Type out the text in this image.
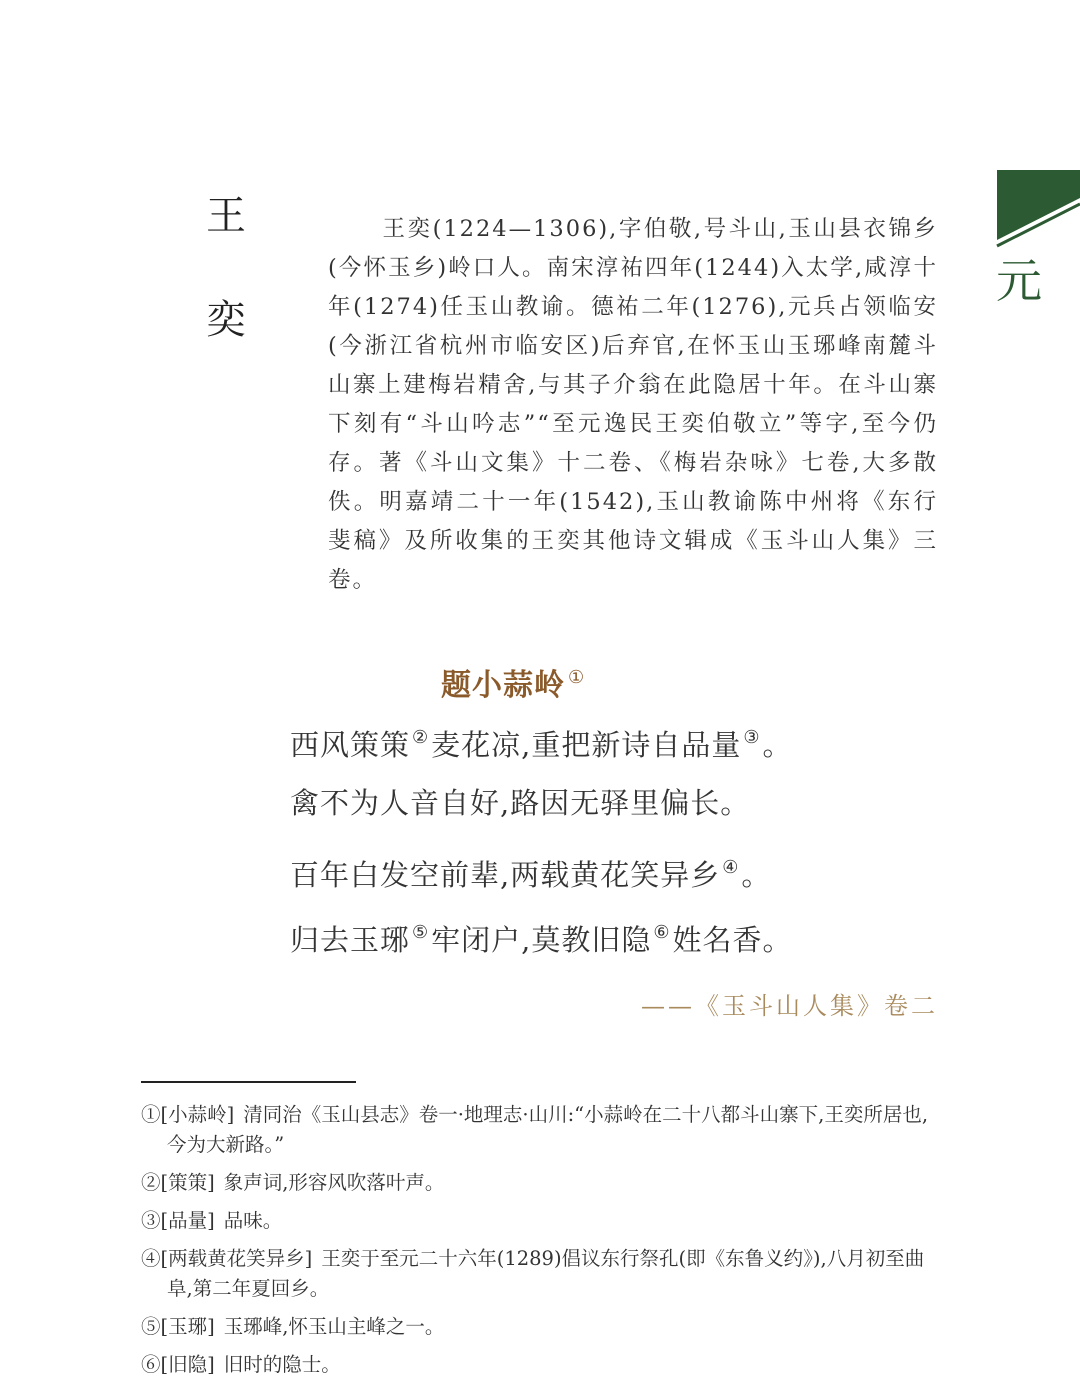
元
王
奕
王奕(1224—1306),字伯敬,号斗山,玉山县衣锦乡(今怀玉乡)岭口人。南宋淳祐四年(1244)入太学,咸淳十年(1274)任玉山教谕。德祐二年(1276),元兵占领临安(今浙江省杭州市临安区)后弃官,在怀玉山玉琊峰南麓斗山寨上建梅岩精舍,与其子介翁在此隐居十年。在斗山寨下刻有“斗山吟志”“至元逸民王奕伯敬立”等字,至今仍存。著《斗山文集》十二卷、《梅岩杂咏》七卷,大多散佚。明嘉靖二十一年(1542),玉山教谕陈中州将《东行斐稿》及所收集的王奕其他诗文辑成《玉斗山人集》三卷。
题小蒜岭 ①
西风策策 ②麦花凉,重把新诗自品量 ③。
禽不为人音自好,路因无驿里偏长。
百年白发空前辈,两载黄花笑异乡 ④。
归去玉琊 ⑤牢闭户,莫教旧隐 ⑥姓名香。
——《玉斗山人集》卷二
①[小蒜岭] 清同治《玉山县志》卷一·地理志·山川:“小蒜岭在二十八都斗山寨下,王奕所居也,今为大新路。”
②[策策] 象声词,形容风吹落叶声。
③[品量] 品味。
④[两载黄花笑异乡] 王奕于至元二十六年(1289)倡议东行祭孔(即《东鲁义约》),八月初至曲阜,第二年夏回乡。
⑤[玉琊] 玉琊峰,怀玉山主峰之一。
⑥[旧隐] 旧时的隐士。
